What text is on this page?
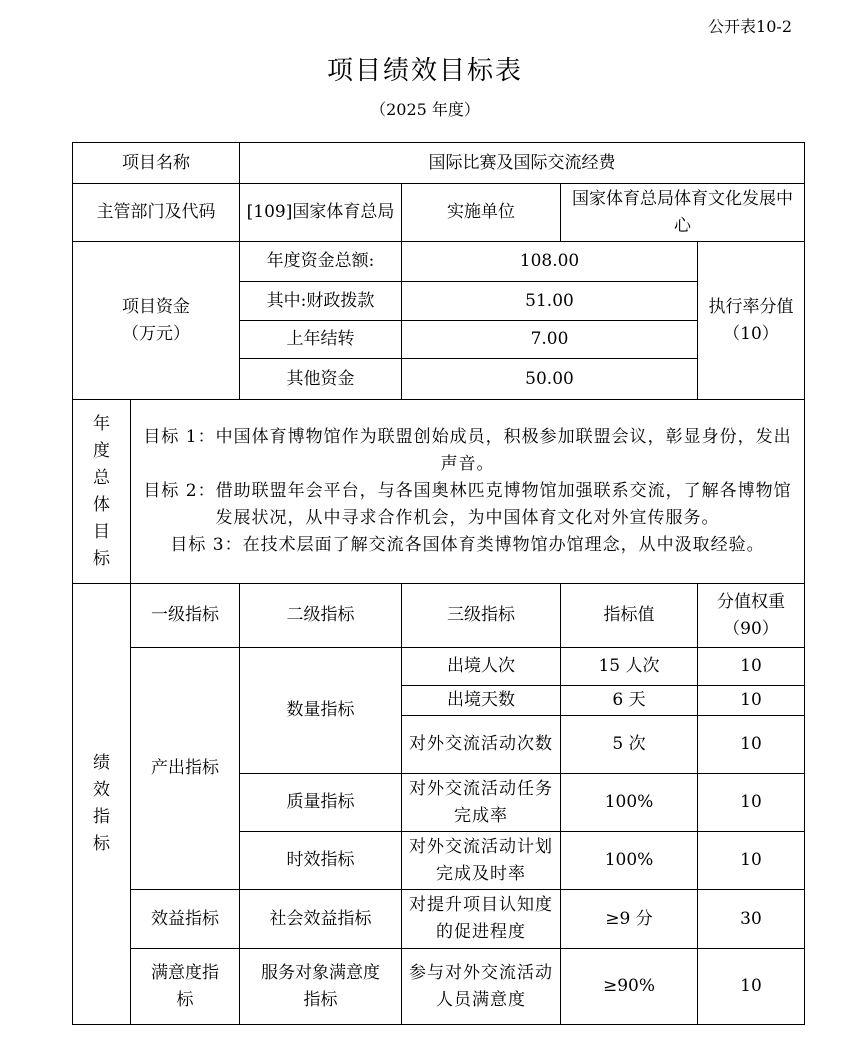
公开表10-2
项目绩效目标表
（2025 年度）
项目名称		国际比赛及国际交流经费			
主管部门及代码		[109]国家体育总局	实施单位	国家体育总局体育文化发展中心	

项目资金（万元）		年度资金总额:	108.00		执行率分值（10）

		其中:财政拨款	51.00		
		上年结转	7.00		
		其他资金	50.00		

年度总体目标	目标 1：中国体育博物馆作为联盟创始成员，积极参加联盟会议，彰显身份，发出声音。
目标 2：借助联盟年会平台，与各国奥林匹克博物馆加强联系交流，了解各博物馆发展状况，从中寻求合作机会，为中国体育文化对外宣传服务。
目标 3：在技术层面了解交流各国体育类博物馆办馆理念，从中汲取经验。				

绩效指标	一级指标	二级指标	三级指标	指标值	分值权重（90）

	产出指标	数量指标	出境人次	15 人次	10
			出境天数	6 天	10
			对外交流活动次数	5 次	10
		质量指标	对外交流活动任务完成率	100%	10
		时效指标	对外交流活动计划完成及时率	100%	10
	效益指标	社会效益指标	对提升项目认知度的促进程度	≥9 分	30

	满意度指标	服务对象满意度指标	参与对外交流活动人员满意度	≥90%	10
